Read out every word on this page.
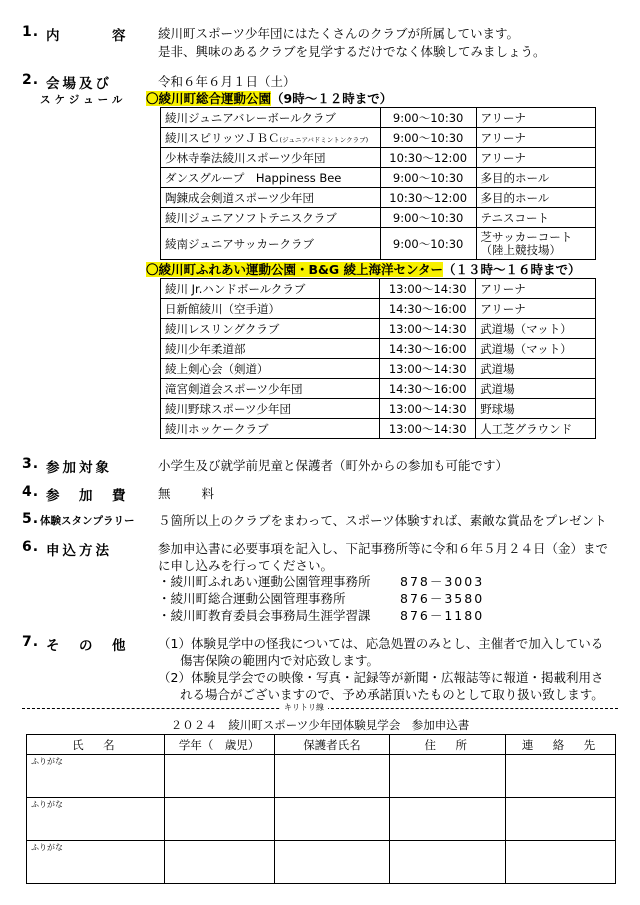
1. 内　　　容 綾川町スポーツ少年団にはたくさんのクラブが所属しています。
是非、興味のあるクラブを見学するだけでなく体験してみましょう。
2. 会場及び
スケジュール
令和６年６月１日（土）
〇綾川町総合運動公園（9時～１２時まで）
綾川ジュニアバレーボールクラブ	9:00～10:30	アリーナ
綾川スピリッツＪＢＣ(ジュニアバドミントンクラブ)	9:00～10:30	アリーナ
少林寺拳法綾川スポーツ少年団	10:30～12:00	アリーナ
ダンスグループ　Happiness Bee	9:00～10:30	多目的ホール
陶錬成会剣道スポーツ少年団	10:30～12:00	多目的ホール
綾川ジュニアソフトテニスクラブ	9:00～10:30	テニスコート
綾南ジュニアサッカークラブ	9:00～10:30	芝サッカーコート
（陸上競技場）
〇綾川町ふれあい運動公園・B&G 綾上海洋センター（１３時～１６時まで）
綾川 Jr.ハンドボールクラブ	13:00～14:30	アリーナ
日新館綾川（空手道）	14:30～16:00	アリーナ
綾川レスリングクラブ	13:00～14:30	武道場（マット）
綾川少年柔道部	14:30～16:00	武道場（マット）
綾上剣心会（剣道）	13:00～14:30	武道場
滝宮剣道会スポーツ少年団	14:30～16:00	武道場
綾川野球スポーツ少年団	13:00～14:30	野球場
綾川ホッケークラブ	13:00～14:30	人工芝グラウンド
3. 参加対象	小学生及び就学前児童と保護者（町外からの参加も可能です）
4. 参　加　費 無　　料
5. 体験スタンプラリー ５箇所以上のクラブをまわって、スポーツ体験すれば、素敵な賞品をプレゼント
6. 申込方法	参加申込書に必要事項を記入し、下記事務所等に令和６年５月２４日（金）まで
に申し込みを行ってください。
・綾川町ふれあい運動公園管理事務所 878－3003
・綾川町総合運動公園管理事務所	876－3580
・綾川町教育委員会事務局生涯学習課 876－1180
7. そ　の　他 （1）体験見学中の怪我については、応急処置のみとし、主催者で加入している
傷害保険の範囲内で対応致します。
（2）体験見学会での映像・写真・記録等が新聞・広報誌等に報道・掲載利用さ
れる場合がございますので、予め承諾頂いたものとして取り扱い致します。
キリトリ線
２０２４　綾川町スポーツ少年団体験見学会　参加申込書
氏　名	学年（　歳児）	保護者氏名	住　所	連　絡　先

ふりがな				

ふりがな				

ふりがな				
